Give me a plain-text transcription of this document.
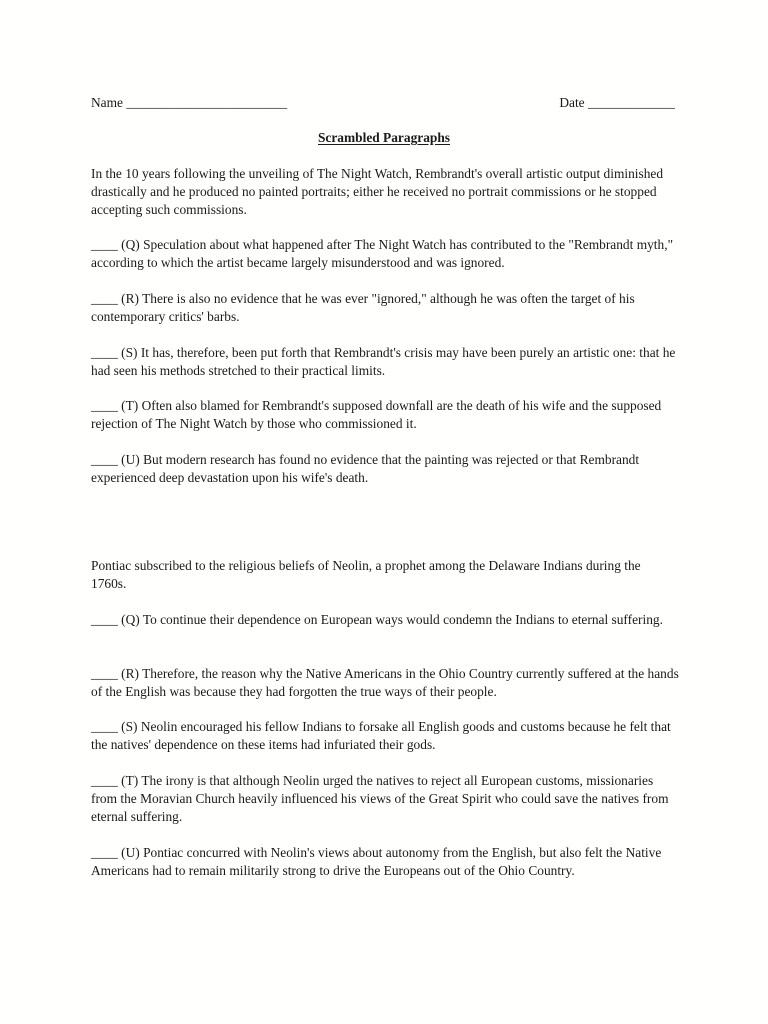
Name ________________________	Date _____________
Scrambled Paragraphs

In the 10 years following the unveiling of The Night Watch, Rembrandt's overall artistic output diminished drastically and he produced no painted portraits; either he received no portrait commissions or he stopped accepting such commissions.

____ (Q) Speculation about what happened after The Night Watch has contributed to the "Rembrandt myth," according to which the artist became largely misunderstood and was ignored.

____ (R) There is also no evidence that he was ever "ignored," although he was often the target of his contemporary critics' barbs.

____ (S) It has, therefore, been put forth that Rembrandt's crisis may have been purely an artistic one: that he had seen his methods stretched to their practical limits.

____ (T) Often also blamed for Rembrandt's supposed downfall are the death of his wife and the supposed rejection of The Night Watch by those who commissioned it.

____ (U) But modern research has found no evidence that the painting was rejected or that Rembrandt experienced deep devastation upon his wife's death.

Pontiac subscribed to the religious beliefs of Neolin, a prophet among the Delaware Indians during the 1760s.

____ (Q) To continue their dependence on European ways would condemn the Indians to eternal suffering.

____ (R) Therefore, the reason why the Native Americans in the Ohio Country currently suffered at the hands of the English was because they had forgotten the true ways of their people.

____ (S) Neolin encouraged his fellow Indians to forsake all English goods and customs because he felt that the natives' dependence on these items had infuriated their gods.

____ (T) The irony is that although Neolin urged the natives to reject all European customs, missionaries from the Moravian Church heavily influenced his views of the Great Spirit who could save the natives from eternal suffering.

____ (U) Pontiac concurred with Neolin's views about autonomy from the English, but also felt the Native Americans had to remain militarily strong to drive the Europeans out of the Ohio Country.
